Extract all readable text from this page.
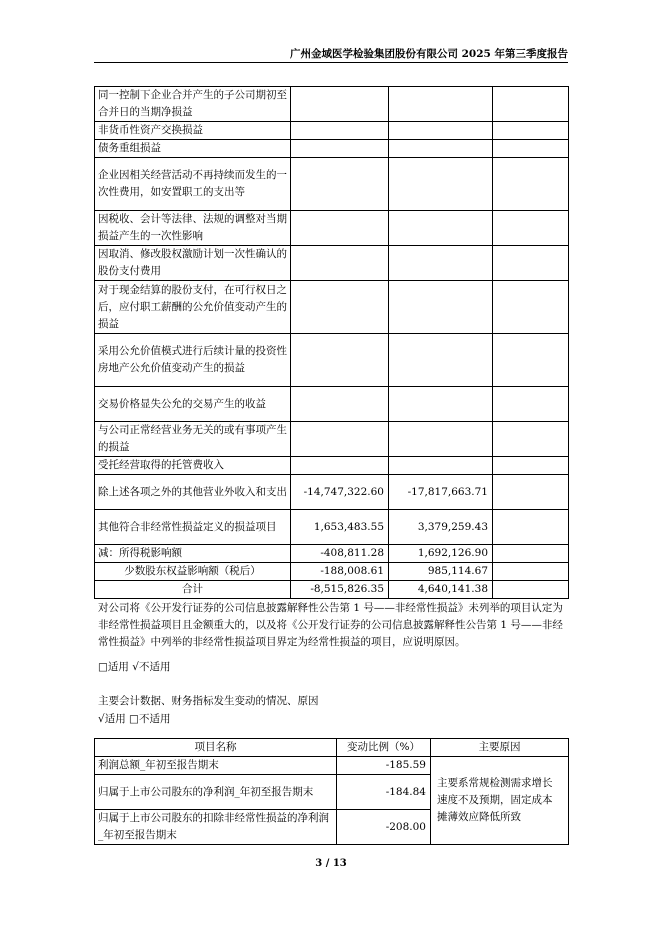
广州金域医学检验集团股份有限公司 2025 年第三季度报告
同一控制下企业合并产生的子公司期初至合并日的当期净损益			
非货币性资产交换损益			
债务重组损益			
企业因相关经营活动不再持续而发生的一次性费用，如安置职工的支出等			
因税收、会计等法律、法规的调整对当期损益产生的一次性影响			
因取消、修改股权激励计划一次性确认的股份支付费用			
对于现金结算的股份支付，在可行权日之后，应付职工薪酬的公允价值变动产生的损益			
采用公允价值模式进行后续计量的投资性房地产公允价值变动产生的损益			
交易价格显失公允的交易产生的收益			
与公司正常经营业务无关的或有事项产生的损益			
受托经营取得的托管费收入			
除上述各项之外的其他营业外收入和支出	-14,747,322.60	-17,817,663.71	
其他符合非经常性损益定义的损益项目	1,653,483.55	3,379,259.43	
减：所得税影响额	-408,811.28	1,692,126.90	
少数股东权益影响额（税后）	-188,008.61	985,114.67	
合计	-8,515,826.35	4,640,141.38	
对公司将《公开发行证券的公司信息披露解释性公告第 1 号——非经常性损益》未列举的项目认定为非经常性损益项目且金额重大的，以及将《公开发行证券的公司信息披露解释性公告第 1 号——非经常性损益》中列举的非经常性损益项目界定为经常性损益的项目，应说明原因。
□适用 √不适用
主要会计数据、财务指标发生变动的情况、原因
√适用 □不适用
项目名称	变动比例（%）	主要原因
利润总额_年初至报告期末	-185.59	主要系常规检测需求增长速度不及预期，固定成本摊薄效应降低所致
归属于上市公司股东的净利润_年初至报告期末	-184.84	
归属于上市公司股东的扣除非经常性损益的净利润_年初至报告期末	-208.00	
3 / 13
